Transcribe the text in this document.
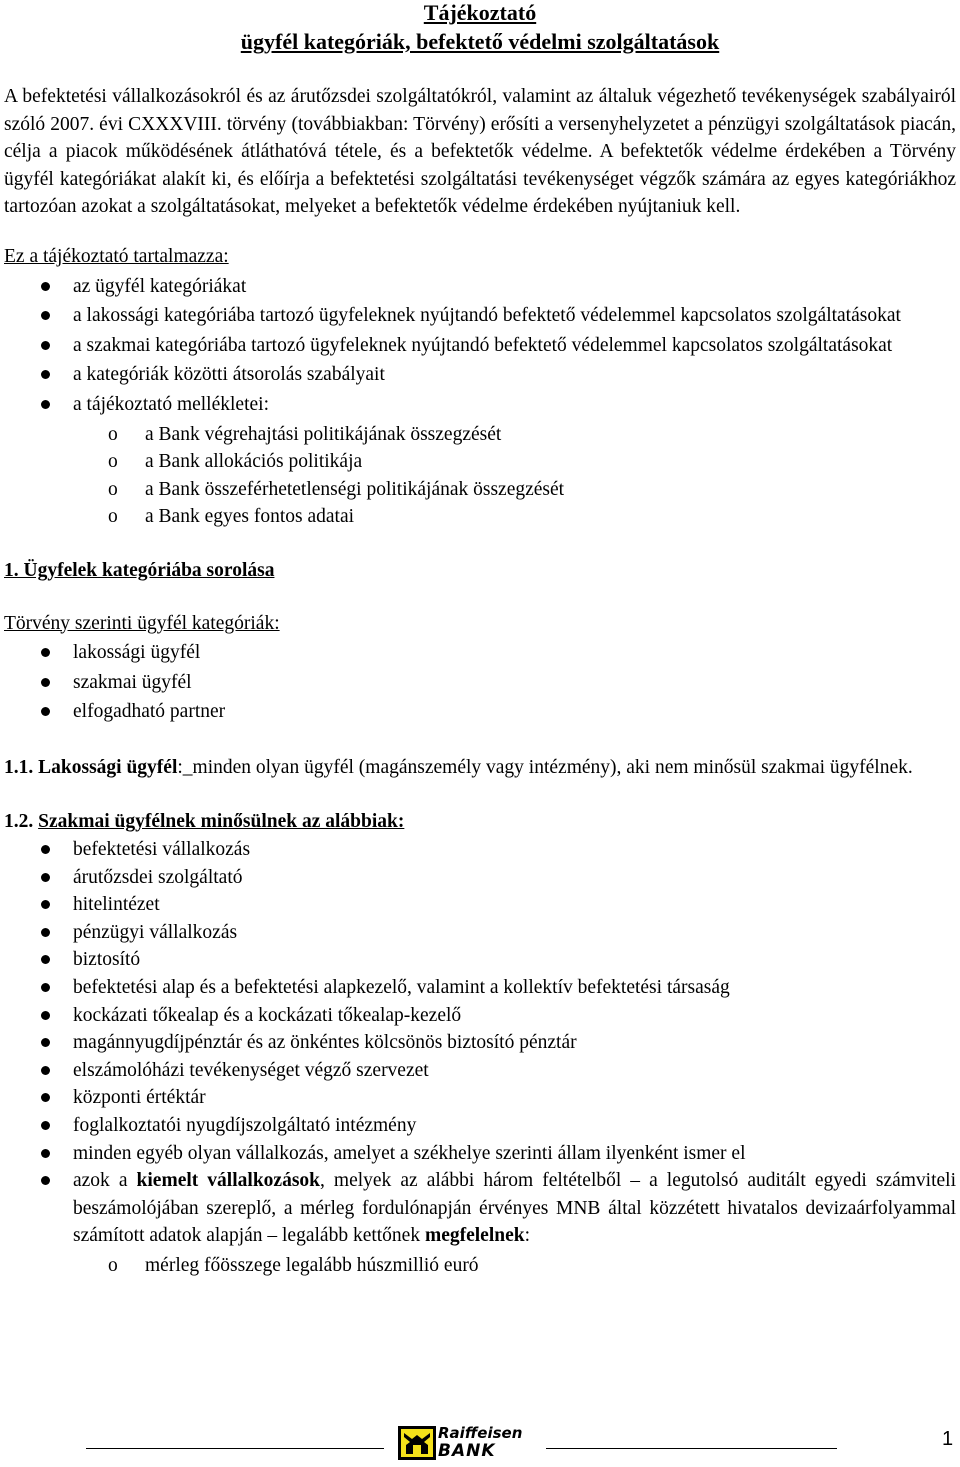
Tájékoztató
ügyfél kategóriák, befektető védelmi szolgáltatások

A befektetési vállalkozásokról és az árutőzsdei szolgáltatókról, valamint az általuk végezhető tevékenységek szabályairól szóló 2007. évi CXXXVIII. törvény (továbbiakban: Törvény) erősíti a versenyhelyzetet a pénzügyi szolgáltatások piacán, célja a piacok működésének átláthatóvá tétele, és a befektetők védelme. A befektetők védelme érdekében a Törvény ügyfél kategóriákat alakít ki, és előírja a befektetési szolgáltatási tevékenységet végzők számára az egyes kategóriákhoz tartozóan azokat a szolgáltatásokat, melyeket a befektetők védelme érdekében nyújtaniuk kell.

Ez a tájékoztató tartalmazza:

az ügyfél kategóriákat
a lakossági kategóriába tartozó ügyfeleknek nyújtandó befektető védelemmel kapcsolatos szolgáltatásokat
a szakmai kategóriába tartozó ügyfeleknek nyújtandó befektető védelemmel kapcsolatos szolgáltatásokat
a kategóriák közötti átsorolás szabályait
a tájékoztató mellékletei:
o a Bank végrehajtási politikájának összegzését
o a Bank allokációs politikája
o a Bank összeférhetetlenségi politikájának összegzését
o a Bank egyes fontos adatai

1. Ügyfelek kategóriába sorolása

Törvény szerinti ügyfél kategóriák:

lakossági ügyfél
szakmai ügyfél
elfogadható partner

1.1. Lakossági ügyfél:_minden olyan ügyfél (magánszemély vagy intézmény), aki nem minősül szakmai ügyfélnek.

1.2. Szakmai ügyfélnek minősülnek az alábbiak:

befektetési vállalkozás
árutőzsdei szolgáltató
hitelintézet
pénzügyi vállalkozás
biztosító
befektetési alap és a befektetési alapkezelő, valamint a kollektív befektetési társaság
kockázati tőkealap és a kockázati tőkealap-kezelő
magánnyugdíjpénztár és az önkéntes kölcsönös biztosító pénztár
elszámolóházi tevékenységet végző szervezet
központi értéktár
foglalkoztatói nyugdíjszolgáltató intézmény
minden egyéb olyan vállalkozás, amelyet a székhelye szerinti állam ilyenként ismer el
azok a kiemelt vállalkozások, melyek az alábbi három feltételből – a legutolsó auditált egyedi számviteli beszámolójában szereplő, a mérleg fordulónapján érvényes MNB által közzétett hivatalos devizaárfolyammal számított adatok alapján – legalább kettőnek megfelelnek:
o mérleg főösszege legalább húszmillió euró
Raiffeisen
BANK
1
